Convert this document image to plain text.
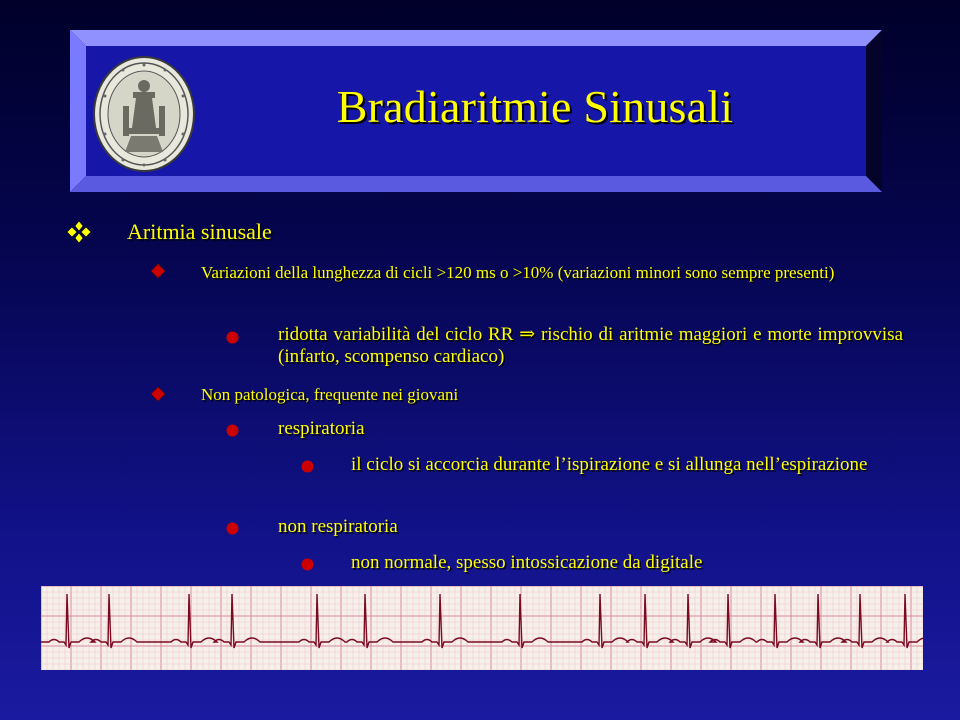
Bradiaritmie Sinusali
Aritmia sinusale
Variazioni della lunghezza di cicli >120 ms o >10% (variazioni minori sono sempre presenti)
ridotta variabilità del ciclo RR ⇒ rischio di aritmie maggiori e morte improvvisa (infarto, scompenso cardiaco)
Non patologica, frequente nei giovani
respiratoria
il ciclo si accorcia durante l’ispirazione e si allunga nell’espirazione
non respiratoria
non normale, spesso intossicazione da digitale
